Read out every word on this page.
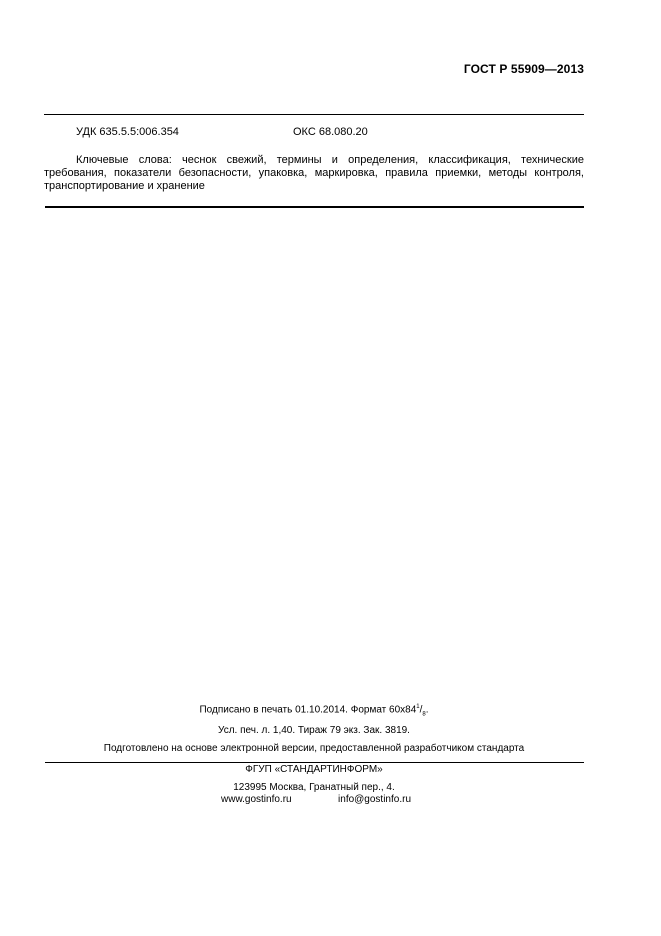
ГОСТ Р 55909—2013
УДК 635.5.5:006.354	ОКС 68.080.20
Ключевые слова: чеснок свежий, термины и определения, классификация, технические
требования, показатели безопасности, упаковка, маркировка, правила приемки, методы контроля,
транспортирование и хранение
Подписано в печать 01.10.2014. Формат $60x84^1/_8$.
Усл. печ. л. 1,40. Тираж 79 экз. Зак. 3819.
Подготовлено на основе электронной версии, предоставленной разработчиком стандарта
ФГУП «СТАНДАРТИНФОРМ»
123995 Москва, Гранатный пер., 4.
www.gostinfo.ru	info@gostinfo.ru
